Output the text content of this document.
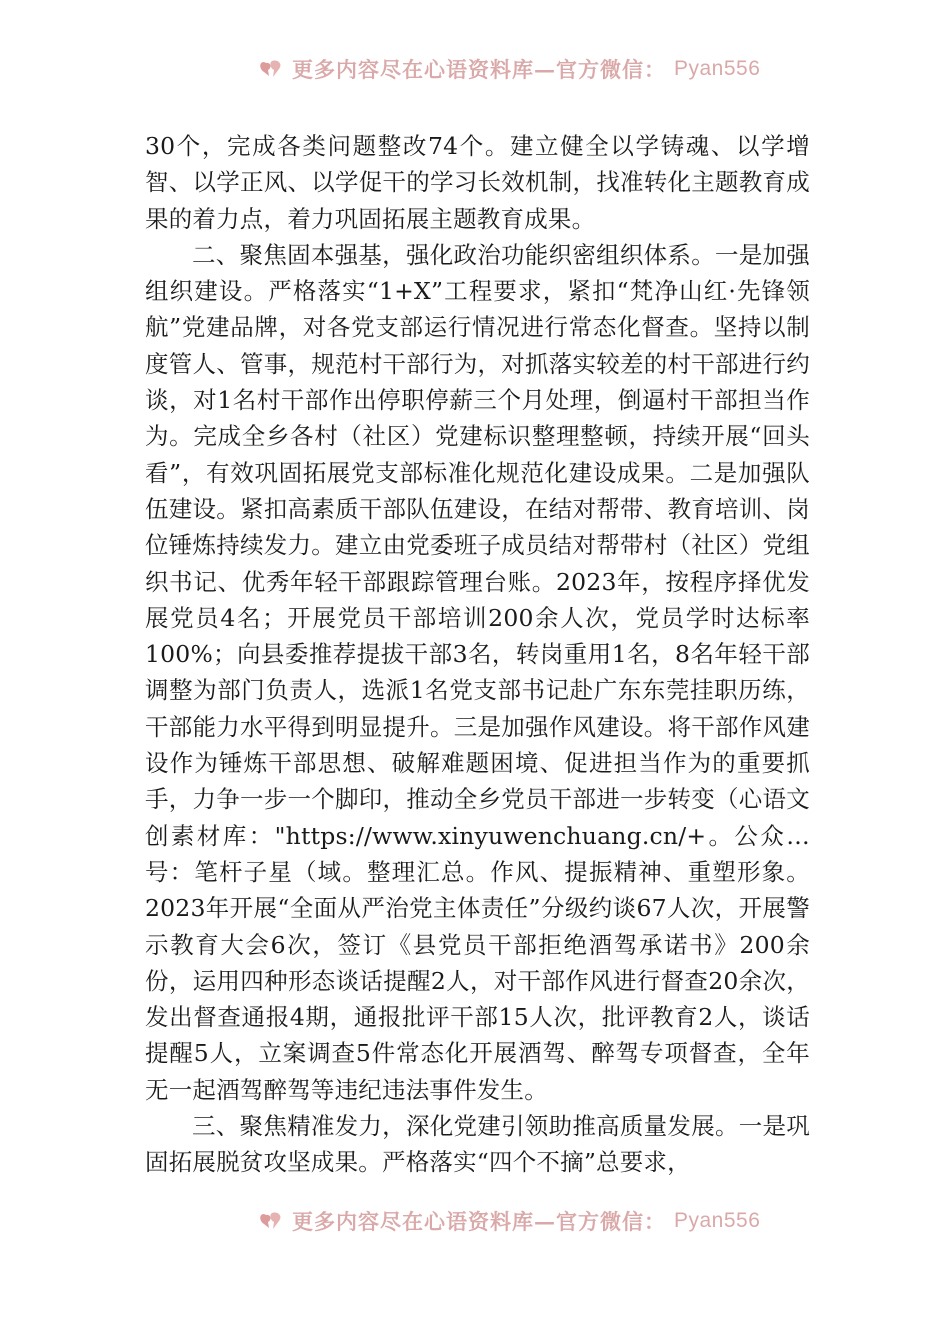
更多内容尽在心语资料库—官方微信： Pyan556

30个，完成各类问题整改74个。建立健全以学铸魂、以学增智、以学正风、以学促干的学习长效机制，找准转化主题教育成果的着力点，着力巩固拓展主题教育成果。

二、聚焦固本强基，强化政治功能织密组织体系。一是加强组织建设。严格落实“1+X”工程要求，紧扣“梵净山红·先锋领航”党建品牌，对各党支部运行情况进行常态化督查。坚持以制度管人、管事，规范村干部行为，对抓落实较差的村干部进行约谈，对1名村干部作出停职停薪三个月处理，倒逼村干部担当作为。完成全乡各村（社区）党建标识整理整顿，持续开展“回头看”，有效巩固拓展党支部标准化规范化建设成果。二是加强队伍建设。紧扣高素质干部队伍建设，在结对帮带、教育培训、岗位锤炼持续发力。建立由党委班子成员结对帮带村（社区）党组织书记、优秀年轻干部跟踪管理台账。2023年，按程序择优发展党员4名；开展党员干部培训200余人次，党员学时达标率100%；向县委推荐提拔干部3名，转岗重用1名，8名年轻干部调整为部门负责人，选派1名党支部书记赴广东东莞挂职历练，干部能力水平得到明显提升。三是加强作风建设。将干部作风建设作为锤炼干部思想、破解难题困境、促进担当作为的重要抓手，力争一步一个脚印，推动全乡党员干部进一步转变（心语文创素材库："https://www.xinyuwenchuang.cn/+。公众…号：笔杆子星（域。整理汇总。作风、提振精神、重塑形象。2023年开展“全面从严治党主体责任”分级约谈67人次，开展警示教育大会6次，签订《县党员干部拒绝酒驾承诺书》200余份，运用四种形态谈话提醒2人，对干部作风进行督查20余次，发出督查通报4期，通报批评干部15人次，批评教育2人，谈话提醒5人，立案调查5件常态化开展酒驾、醉驾专项督查，全年无一起酒驾醉驾等违纪违法事件发生。

三、聚焦精准发力，深化党建引领助推高质量发展。一是巩固拓展脱贫攻坚成果。严格落实“四个不摘”总要求，

更多内容尽在心语资料库—官方微信： Pyan556
